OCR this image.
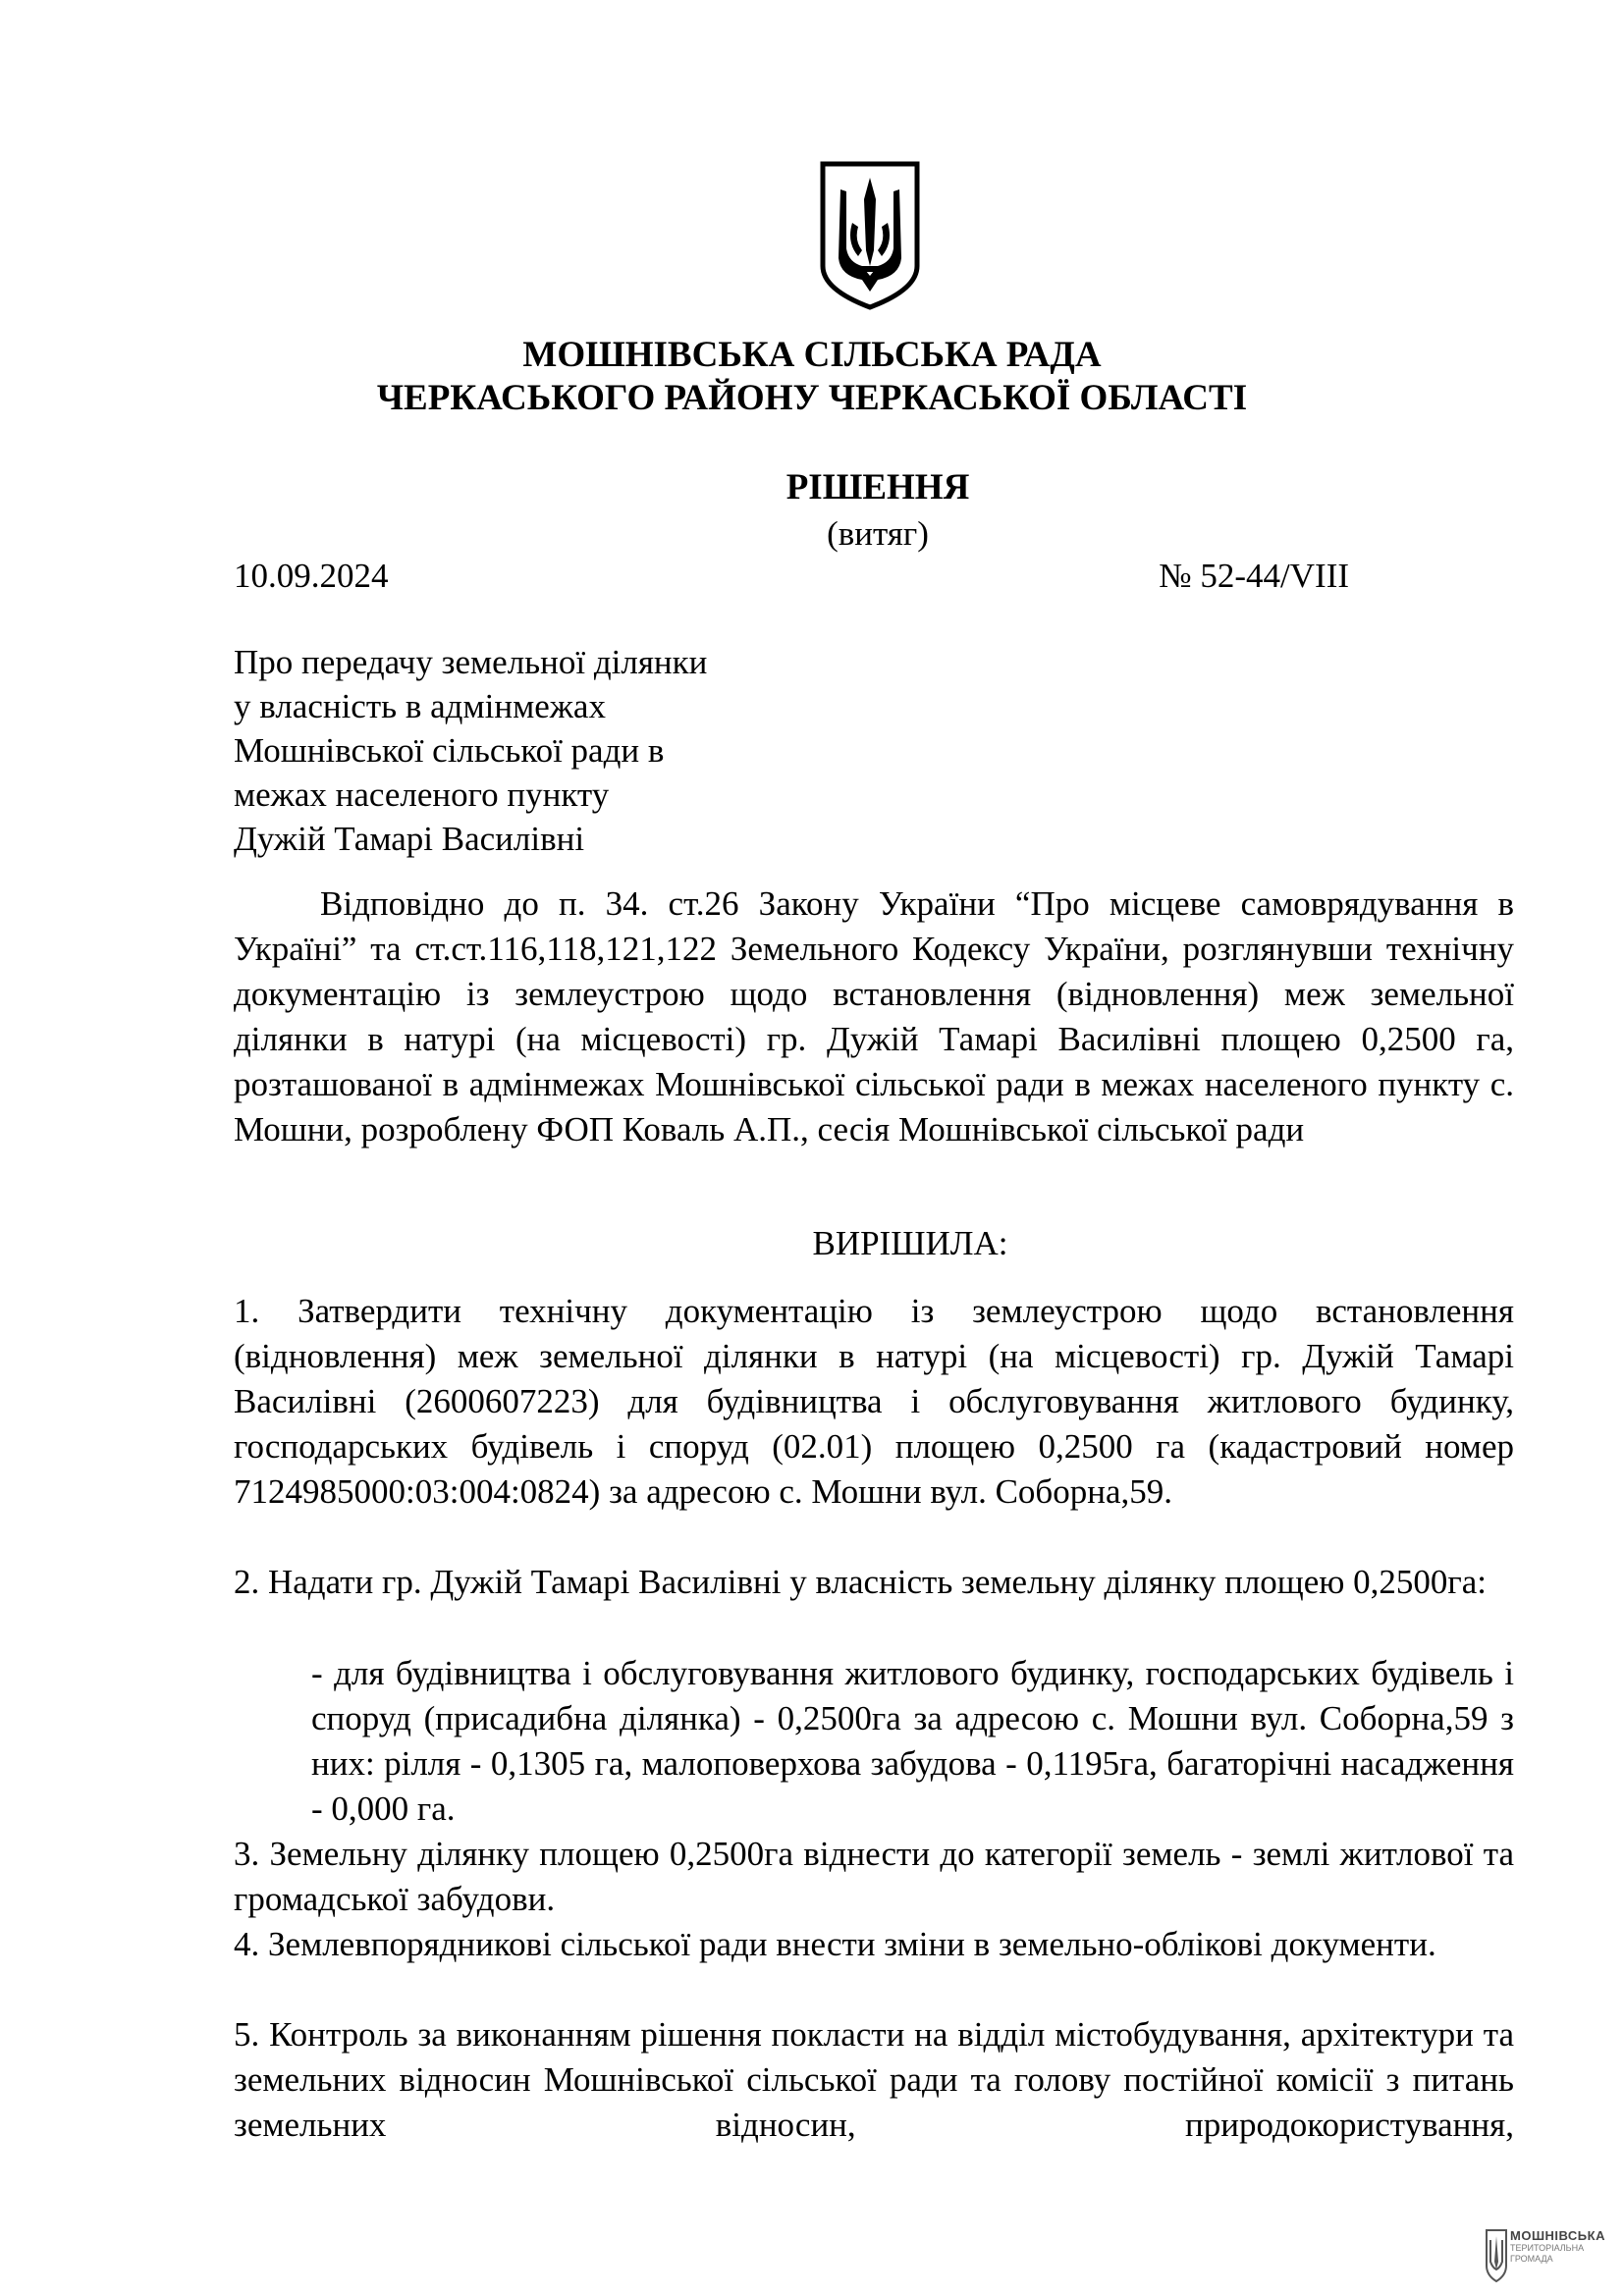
МОШНІВСЬКА СІЛЬСЬКА РАДА
ЧЕРКАСЬКОГО РАЙОНУ ЧЕРКАСЬКОЇ ОБЛАСТІ
РІШЕННЯ
(витяг)
10.09.2024	№ 52-44/VIII
Про передачу земельної ділянки
у власність в адмінмежах
Мошнівської сільської ради в
межах населеного пункту
Дужій Тамарі Василівні
Відповідно до п. 34. ст.26 Закону України “Про місцеве самоврядування в Україні” та ст.ст.116,118,121,122 Земельного Кодексу України, розглянувши технічну документацію із землеустрою щодо встановлення (відновлення) меж земельної ділянки в натурі (на місцевості) гр. Дужій Тамарі Василівні площею 0,2500 га, розташованої в адмінмежах Мошнівської сільської ради в межах населеного пункту с. Мошни, розроблену ФОП Коваль А.П., сесія Мошнівської сільської ради
ВИРІШИЛА:
1. Затвердити технічну документацію із землеустрою щодо встановлення (відновлення) меж земельної ділянки в натурі (на місцевості) гр. Дужій Тамарі Василівні (2600607223) для будівництва і обслуговування житлового будинку, господарських будівель і споруд (02.01) площею 0,2500 га (кадастровий номер 7124985000:03:004:0824) за адресою с. Мошни вул. Соборна,59.
2. Надати гр. Дужій Тамарі Василівні у власність земельну ділянку площею 0,2500га:
- для будівництва і обслуговування житлового будинку, господарських будівель і споруд (присадибна ділянка) - 0,2500га за адресою с. Мошни вул. Соборна,59 з них: рілля - 0,1305 га, малоповерхова забудова - 0,1195га, багаторічні насадження - 0,000 га.
3. Земельну ділянку площею 0,2500га віднести до категорії земель - землі житлової та громадської забудови.
4. Землевпорядникові сільської ради внести зміни в земельно-облікові документи.
5. Контроль за виконанням рішення покласти на відділ містобудування, архітектури та земельних відносин Мошнівської сільської ради та голову постійної комісії з питань земельних відносин, природокористування,
МОШНІВСЬКА
ТЕРИТОРІАЛЬНА
ГРОМАДА
